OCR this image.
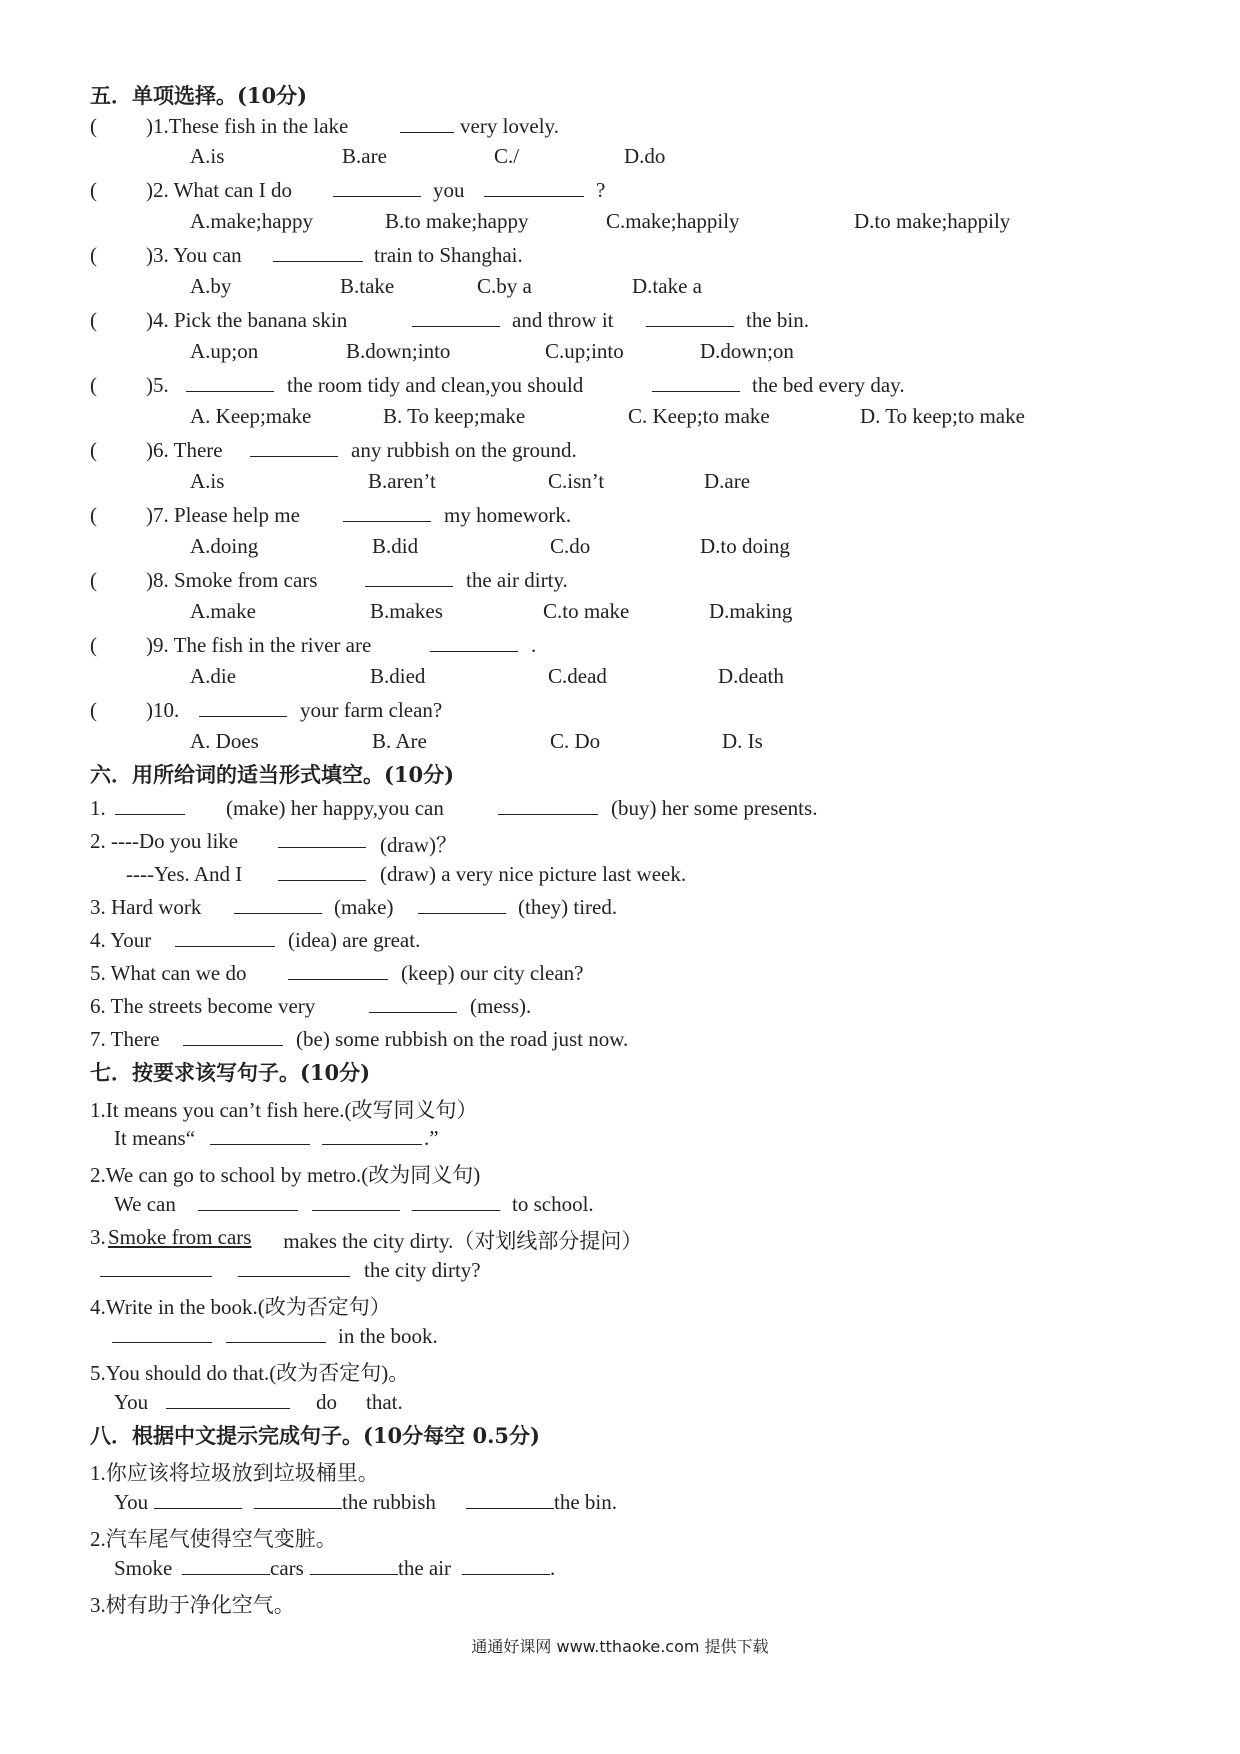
五．单项选择。(10分)
( )1.These fish in the lake	very lovely.
A.is	B.are	C./	D.do
( )2. What can I do	you	?
A.make;happy	B.to make;happy	C.make;happily	D.to make;happily
( )3. You can	train to Shanghai.
A.by	B.take	C.by a	D.take a
( )4. Pick the banana skin	and throw it	the bin.
A.up;on	B.down;into	C.up;into	D.down;on
( )5.	the room tidy and clean,you should	the bed every day.
A. Keep;make	B. To keep;make	C. Keep;to make	D. To keep;to make
( )6. There	any rubbish on the ground.
A.is	B.aren’t	C.isn’t	D.are
( )7. Please help me	my homework.
A.doing	B.did	C.do	D.to doing
( )8. Smoke from cars	the air dirty.
A.make	B.makes	C.to make	D.making
( )9. The fish in the river are	.
A.die	B.died	C.dead	D.death
( )10.	your farm clean?
A. Does	B. Are	C. Do	D. Is
六．用所给词的适当形式填空。(10分)
1.	(make) her happy,you can	(buy) her some presents.
2. ----Do you like	(draw)？
----Yes. And I	(draw) a very nice picture last week.
3. Hard work	(make)	(they) tired.
4. Your	(idea) are great.
5. What can we do	(keep) our city clean?
6. The streets become very	(mess).
7. There	(be) some rubbish on the road just now.
七．按要求该写句子。(10分)
1.It means you can’t fish here.(改写同义句）
It means“	.”
2.We can go to school by metro.(改为同义句)
We can	to school.
3. Smoke from cars makes the city dirty.（对划线部分提问）
the city dirty?
4.Write in the book.(改为否定句）
in the book.
5.You should do that.(改为否定句)。
You	do that.
八．根据中文提示完成句子。(10分每空 0.5分)
1.你应该将垃圾放到垃圾桶里。
You	the rubbish	the bin.
2.汽车尾气使得空气变脏。
Smoke	cars	the air	.
3.树有助于净化空气。
通通好课网 www.tthaoke.com 提供下载
